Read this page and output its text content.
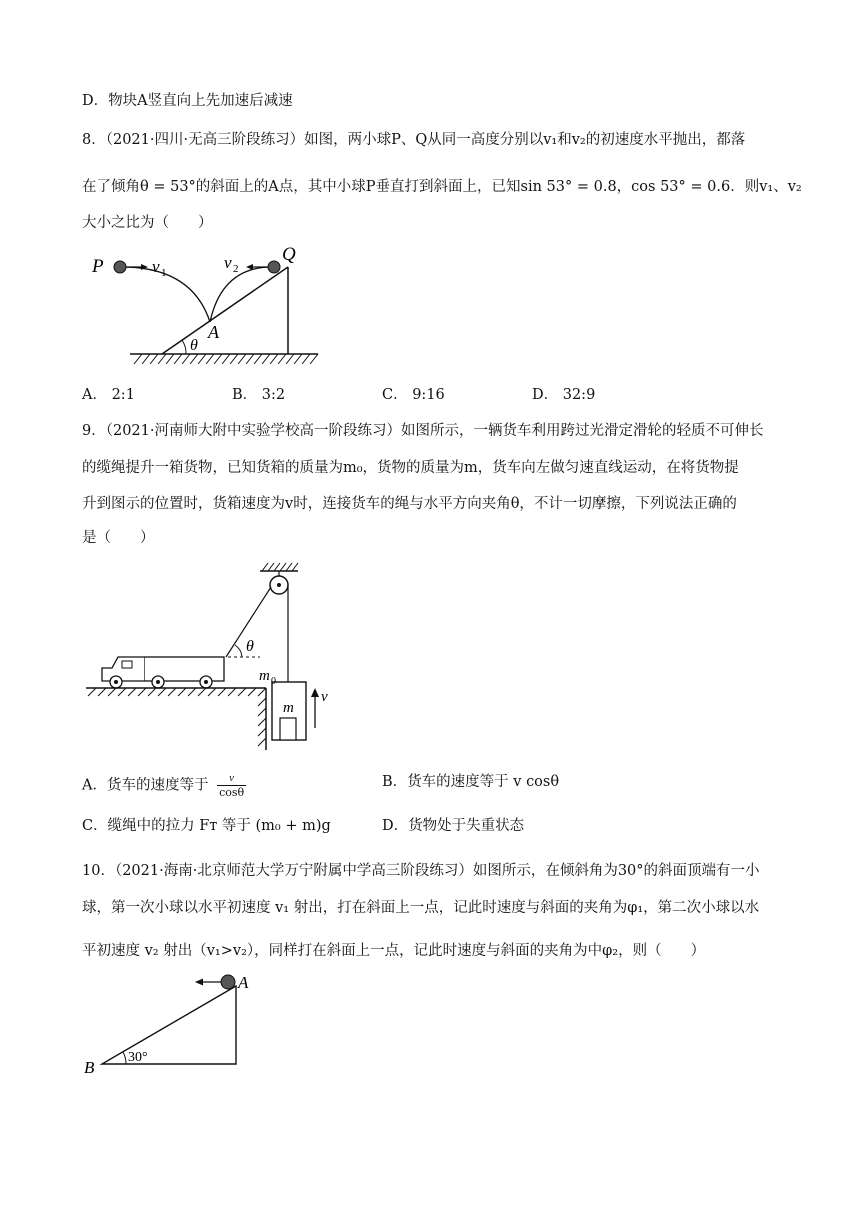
D．物块A竖直向上先加速后减速
8．（2021·四川·无高三阶段练习）如图，两小球P、Q从同一高度分别以v₁和v₂的初速度水平抛出，都落
在了倾角θ = 53°的斜面上的A点，其中小球P垂直打到斜面上，已知sin 53° = 0.8，cos 53° = 0.6．则v₁、v₂
大小之比为（　　）
P	v 1
v 2
Q
A
θ
A． 2:1	B． 3:2	C． 9:16	D． 32:9
9．（2021·河南师大附中实验学校高一阶段练习）如图所示，一辆货车利用跨过光滑定滑轮的轻质不可伸长
的缆绳提升一箱货物，已知货箱的质量为m₀，货物的质量为m，货车向左做匀速直线运动，在将货物提
升到图示的位置时，货箱速度为v时，连接货车的绳与水平方向夹角θ，不计一切摩擦，下列说法正确的
是（　　）
θ
m 0
m
v
A．货车的速度等于 $\frac{v}{\cos\theta}$	B．货车的速度等于 v cosθ
C．缆绳中的拉力 Fᴛ 等于 (m₀ + m)g	D．货物处于失重状态
10．（2021·海南·北京师范大学万宁附属中学高三阶段练习）如图所示，在倾斜角为30°的斜面顶端有一小
球，第一次小球以水平初速度 v₁ 射出，打在斜面上一点，记此时速度与斜面的夹角为φ₁，第二次小球以水
平初速度 v₂ 射出（v₁>v₂），同样打在斜面上一点，记此时速度与斜面的夹角为中φ₂，则（　　）
30°
A
B
